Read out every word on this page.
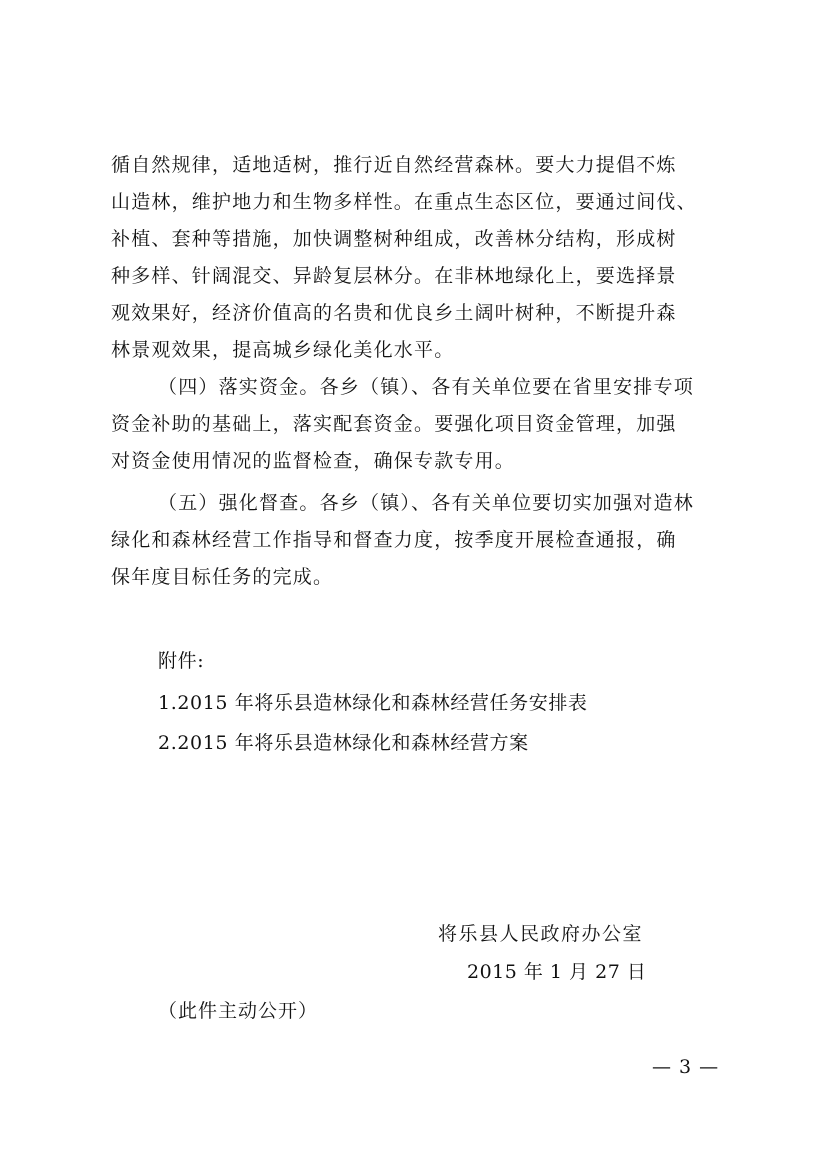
循自然规律，适地适树，推行近自然经营森林。要大力提倡不炼
山造林，维护地力和生物多样性。在重点生态区位，要通过间伐、
补植、套种等措施，加快调整树种组成，改善林分结构，形成树
种多样、针阔混交、异龄复层林分。在非林地绿化上，要选择景
观效果好，经济价值高的名贵和优良乡土阔叶树种，不断提升森
林景观效果，提高城乡绿化美化水平。
（四）落实资金。各乡（镇）、各有关单位要在省里安排专项
资金补助的基础上，落实配套资金。要强化项目资金管理，加强
对资金使用情况的监督检查，确保专款专用。
（五）强化督查。各乡（镇）、各有关单位要切实加强对造林
绿化和森林经营工作指导和督查力度，按季度开展检查通报，确
保年度目标任务的完成。
附件:
1.2015 年将乐县造林绿化和森林经营任务安排表
2.2015 年将乐县造林绿化和森林经营方案
将乐县人民政府办公室
2015 年 1 月 27 日
（此件主动公开）
— 3 —
